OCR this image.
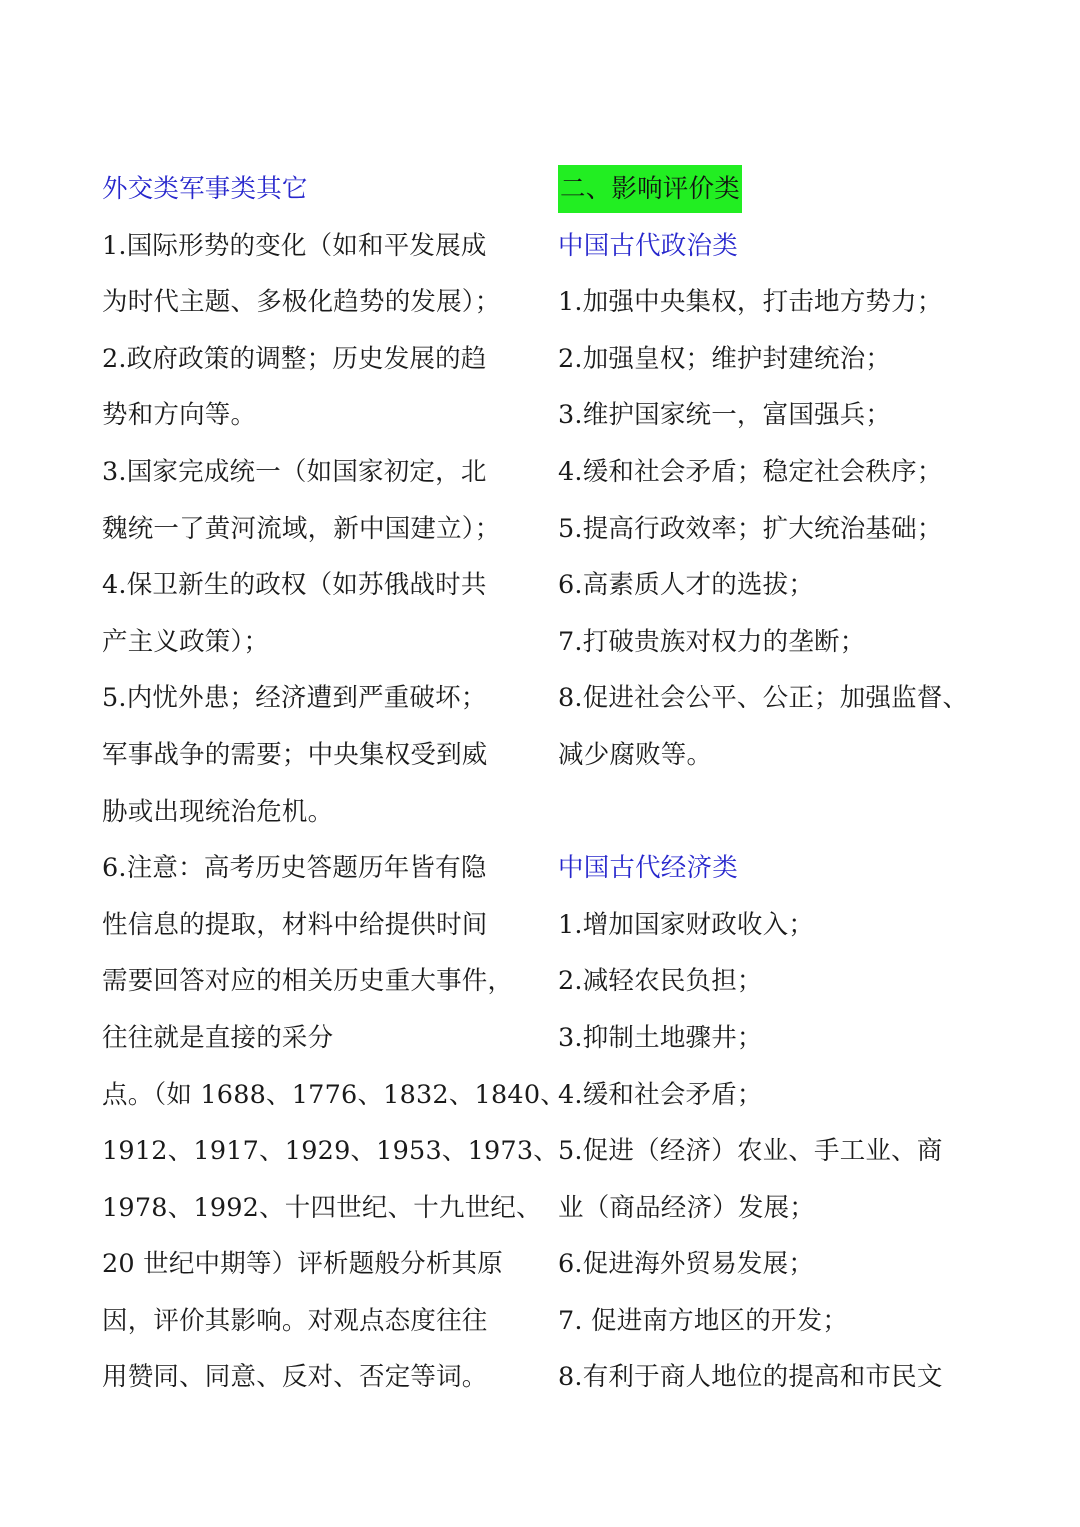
外交类军事类其它
1.国际形势的变化（如和平发展成
为时代主题、多极化趋势的发展）；
2.政府政策的调整；历史发展的趋
势和方向等。
3.国家完成统一（如国家初定，北
魏统一了黄河流域，新中国建立）；
4.保卫新生的政权（如苏俄战时共
产主义政策）；
5.内忧外患；经济遭到严重破坏；
军事战争的需要；中央集权受到威
胁或出现统治危机。
6.注意：高考历史答题历年皆有隐
性信息的提取，材料中给提供时间
需要回答对应的相关历史重大事件，
往往就是直接的采分
点。（如 1688、1776、1832、1840、
1912、1917、1929、1953、1973、
1978、1992、十四世纪、十九世纪、
20 世纪中期等）评析题般分析其原
因，评价其影响。对观点态度往往
用赞同、同意、反对、否定等词。
二、影响评价类
中国古代政治类
1.加强中央集权，打击地方势力；
2.加强皇权；维护封建统治；
3.维护国家统一，富国强兵；
4.缓和社会矛盾；稳定社会秩序；
5.提高行政效率；扩大统治基础；
6.高素质人才的选拔；
7.打破贵族对权力的垄断；
8.促进社会公平、公正；加强监督、
减少腐败等。
中国古代经济类
1.增加国家财政收入；
2.减轻农民负担；
3.抑制土地骤井；
4.缓和社会矛盾；
5.促进（经济）农业、手工业、商
业（商品经济）发展；
6.促进海外贸易发展；
7. 促进南方地区的开发；
8.有利于商人地位的提高和市民文
